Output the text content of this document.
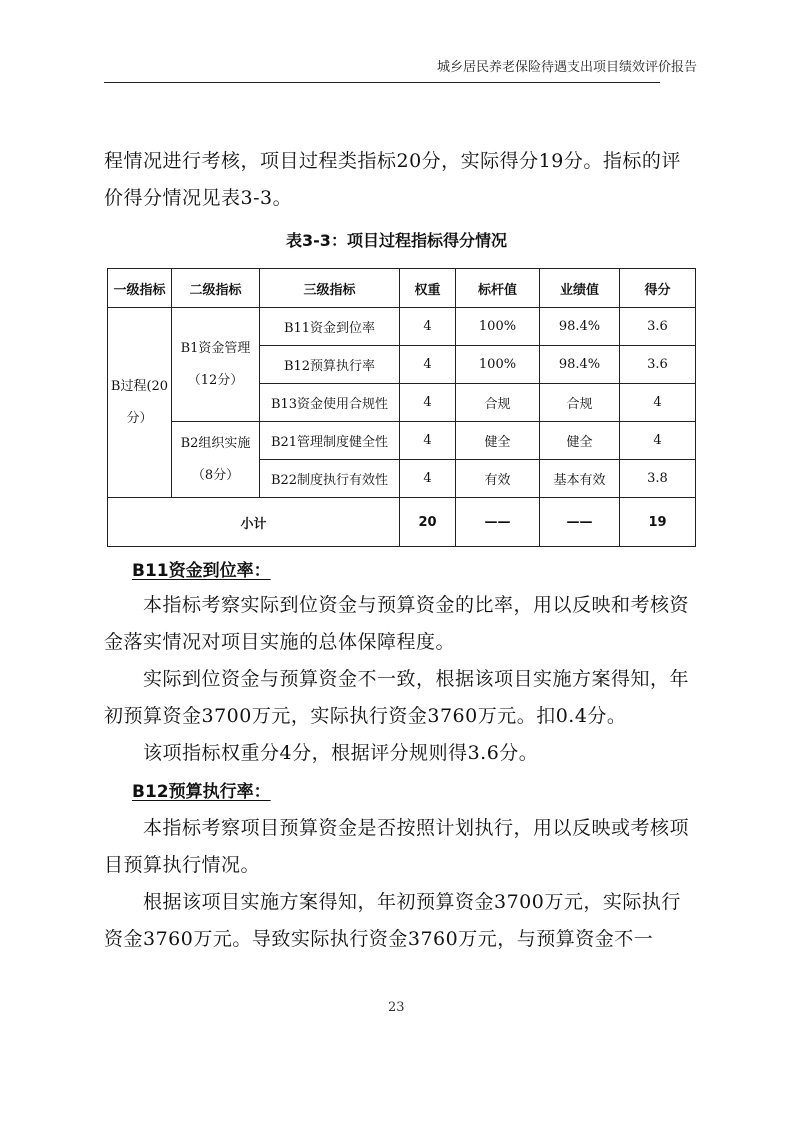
城乡居民养老保险待遇支出项目绩效评价报告

程情况进行考核，项目过程类指标20分，实际得分19分。指标的评

价得分情况见表3-3。

表3-3：项目过程指标得分情况
一级指标	二级指标	三级指标	权重	标杆值	业绩值	得分
B过程(20分）	B1资金管理（12分）	B11资金到位率	4	100%	98.4%	3.6
		B12预算执行率	4	100%	98.4%	3.6
		B13资金使用合规性	4	合规	合规	4
	B2组织实施（8分）	B21管理制度健全性	4	健全	健全	4
		B22制度执行有效性	4	有效	基本有效	3.8
小计			20	——	——	19
B11资金到位率：

本指标考察实际到位资金与预算资金的比率，用以反映和考核资金落实情况对项目实施的总体保障程度。

实际到位资金与预算资金不一致，根据该项目实施方案得知，年初预算资金3700万元，实际执行资金3760万元。扣0.4分。

该项指标权重分4分，根据评分规则得3.6分。

B12预算执行率：

本指标考察项目预算资金是否按照计划执行，用以反映或考核项目预算执行情况。

根据该项目实施方案得知，年初预算资金3700万元，实际执行资金3760万元。导致实际执行资金3760万元，与预算资金不一

23
